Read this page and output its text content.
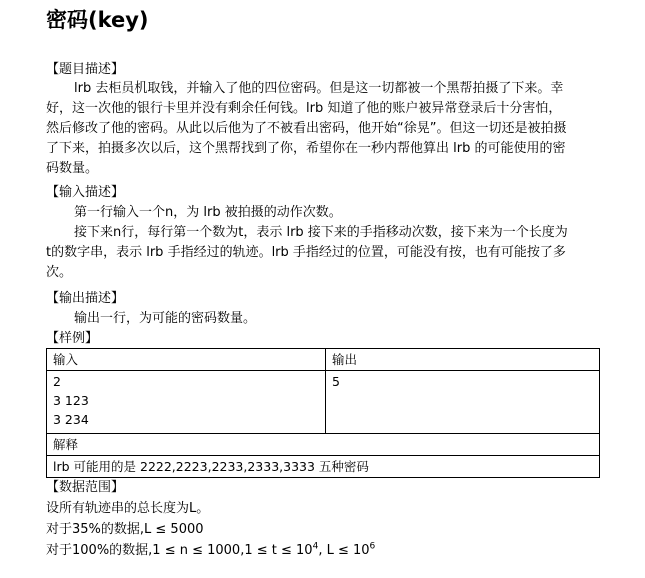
密码(key)
【题目描述】
lrb 去柜员机取钱，并输入了他的四位密码。但是这一切都被一个黑帮拍摄了下来。幸
好，这一次他的银行卡里并没有剩余任何钱。lrb 知道了他的账户被异常登录后十分害怕，
然后修改了他的密码。从此以后他为了不被看出密码，他开始“徐晃”。但这一切还是被拍摄
了下来，拍摄多次以后，这个黑帮找到了你，希望你在一秒内帮他算出 lrb 的可能使用的密
码数量。
【输入描述】
第一行输入一个n，为 lrb 被拍摄的动作次数。
接下来n行，每行第一个数为t，表示 lrb 接下来的手指移动次数，接下来为一个长度为
t的数字串，表示 lrb 手指经过的轨迹。lrb 手指经过的位置，可能没有按，也有可能按了多
次。
【输出描述】
输出一行，为可能的密码数量。
【样例】
输入	输出

2
3 123
3 234	5

解释	
lrb 可能用的是 2222,2223,2233,2333,3333 五种密码	
【数据范围】
设所有轨迹串的总长度为L。
对于35%的数据,L ≤ 5000
对于100%的数据$,1 \le n \le 1000,1 \le t \le 10^4$, $L \le 10^6$
